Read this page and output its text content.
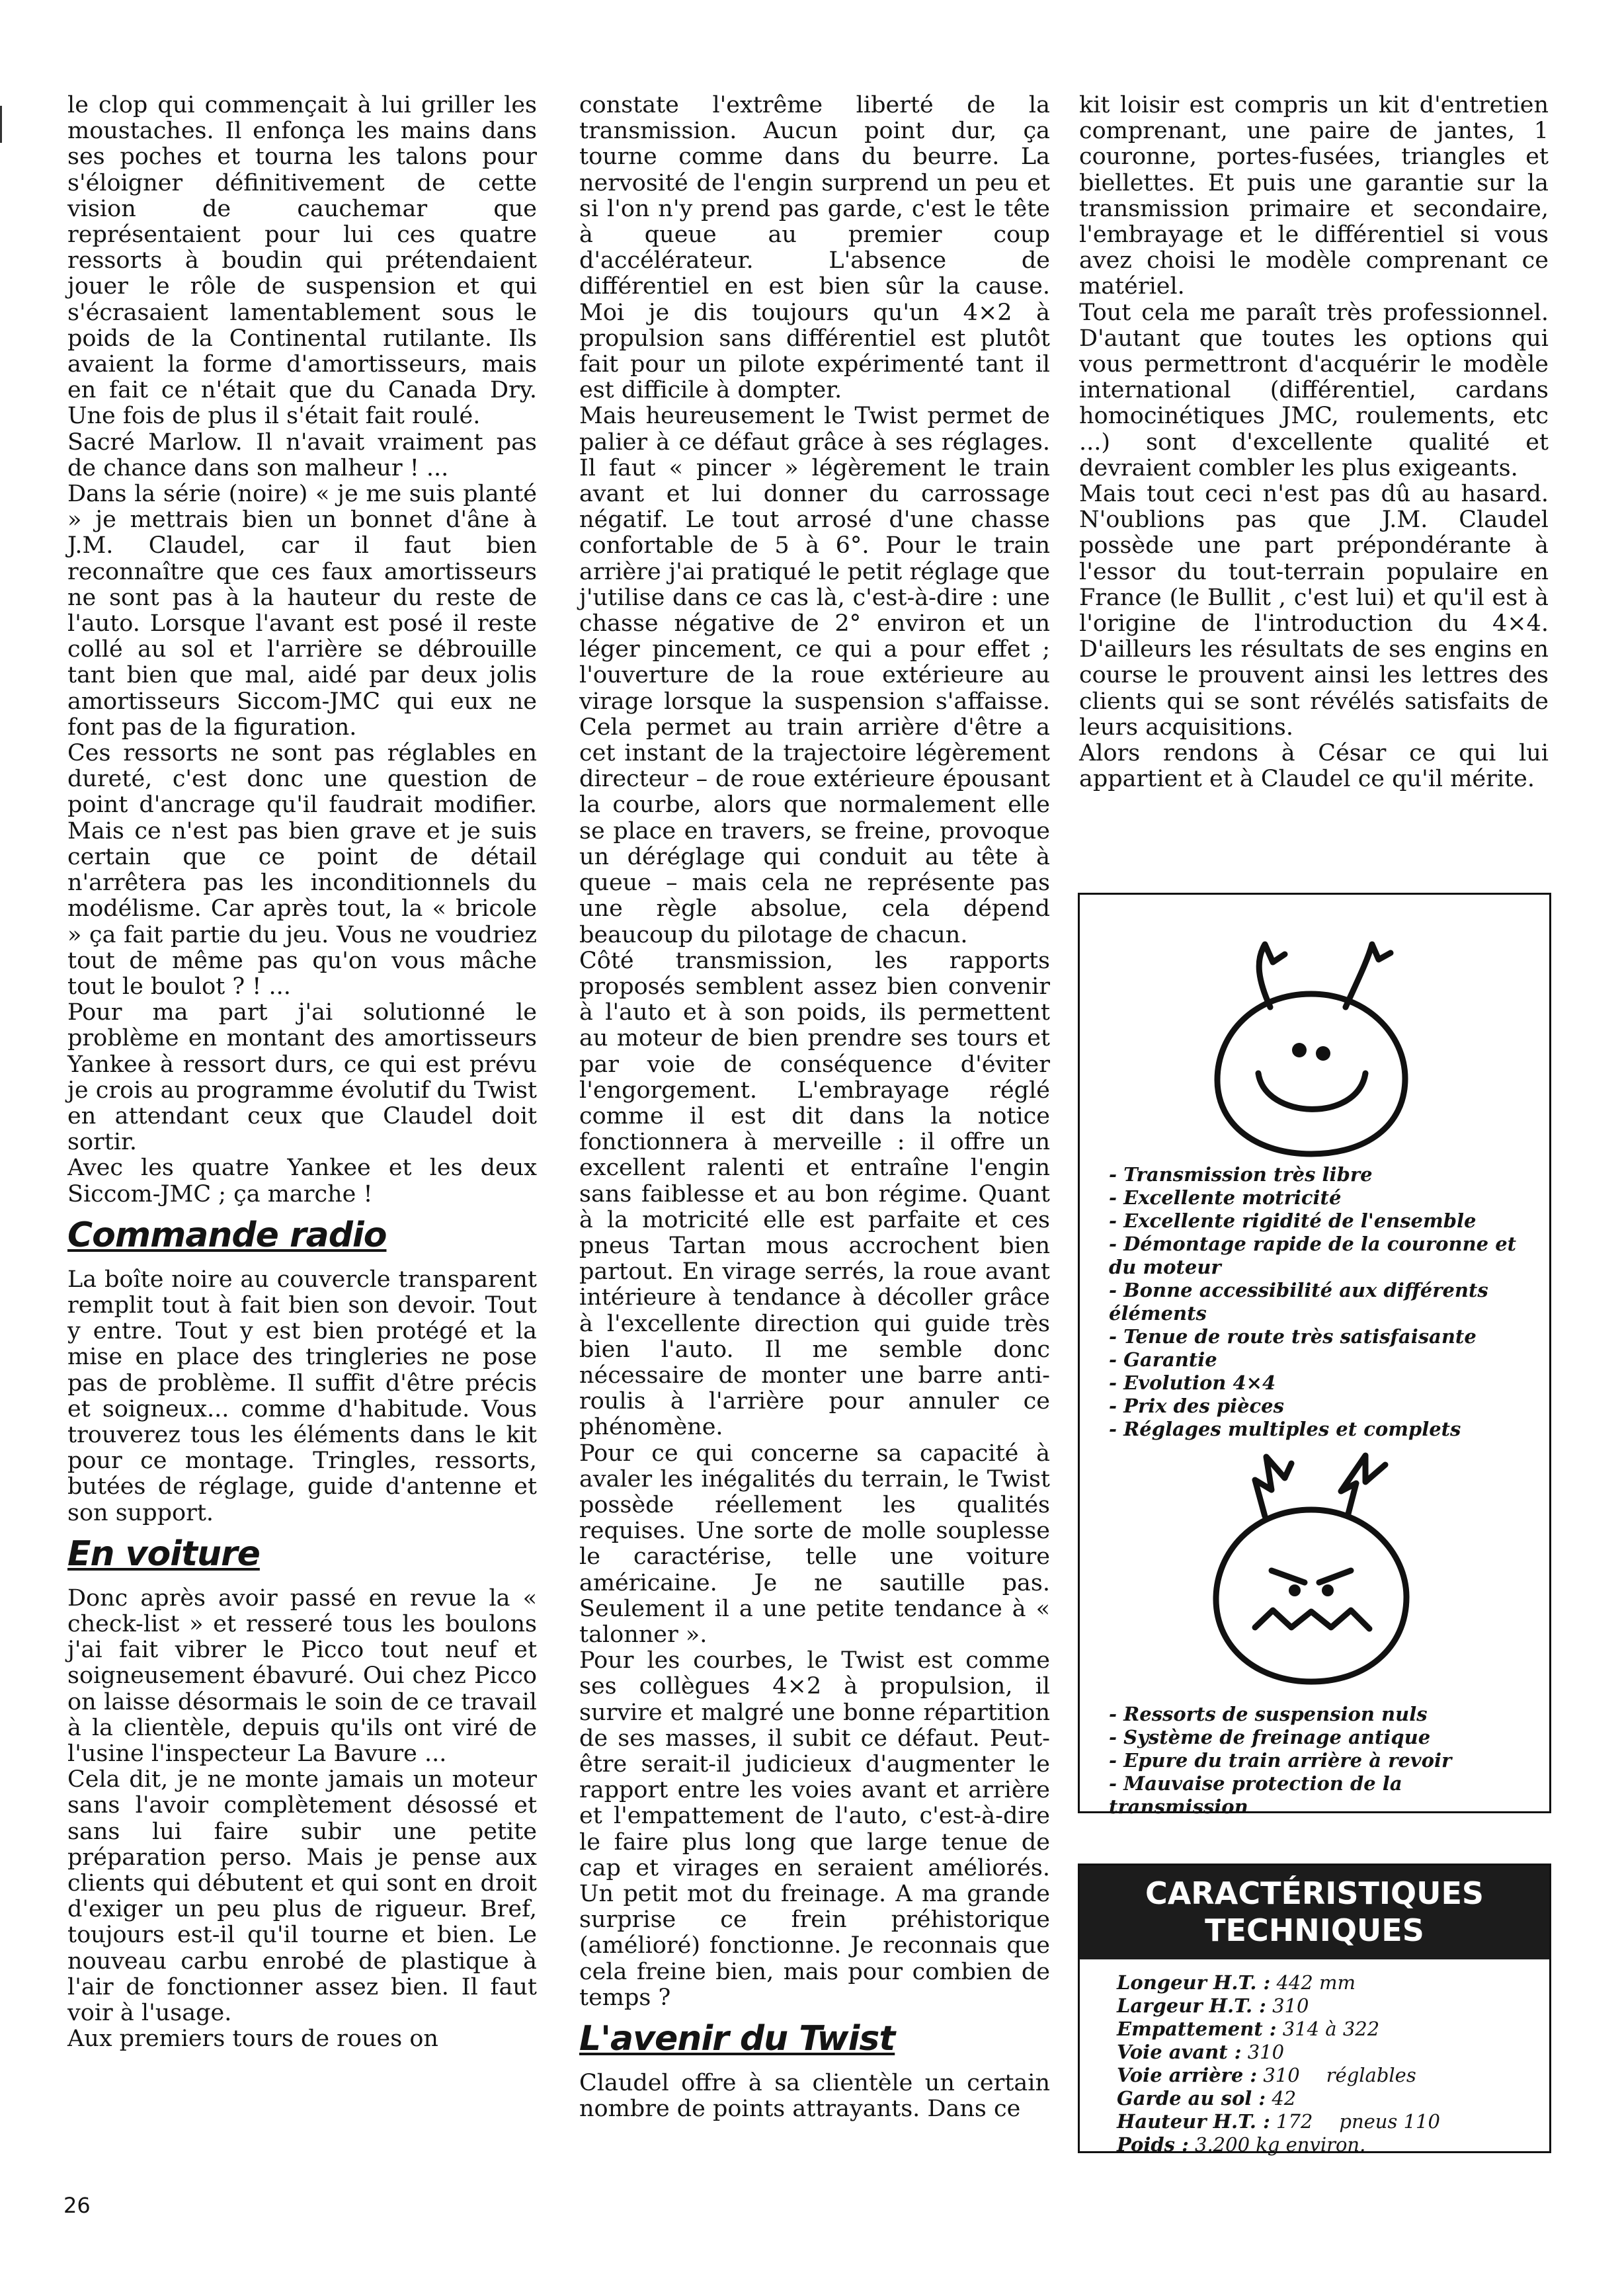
le clop qui commençait à lui griller les moustaches. Il enfonça les mains dans ses poches et tourna les talons pour s'éloigner définitivement de cette vision de cauchemar que représentaient pour lui ces quatre ressorts à boudin qui prétendaient jouer le rôle de suspension et qui s'écrasaient lamentablement sous le poids de la Continental rutilante. Ils avaient la forme d'amortisseurs, mais en fait ce n'était que du Canada Dry. Une fois de plus il s'était fait roulé.

Sacré Marlow. Il n'avait vraiment pas de chance dans son malheur ! ...

Dans la série (noire) « je me suis planté » je mettrais bien un bonnet d'âne à J.M. Claudel, car il faut bien reconnaître que ces faux amortisseurs ne sont pas à la hauteur du reste de l'auto. Lorsque l'avant est posé il reste collé au sol et l'arrière se débrouille tant bien que mal, aidé par deux jolis amortisseurs Siccom-JMC qui eux ne font pas de la figuration.

Ces ressorts ne sont pas réglables en dureté, c'est donc une question de point d'ancrage qu'il faudrait modifier. Mais ce n'est pas bien grave et je suis certain que ce point de détail n'arrêtera pas les inconditionnels du modélisme. Car après tout, la « bricole » ça fait partie du jeu. Vous ne voudriez tout de même pas qu'on vous mâche tout le boulot ? ! ...

Pour ma part j'ai solutionné le problème en montant des amortisseurs Yankee à ressort durs, ce qui est prévu je crois au programme évolutif du Twist en attendant ceux que Claudel doit sortir.

Avec les quatre Yankee et les deux Siccom-JMC ; ça marche !

Commande radio

La boîte noire au couvercle transparent remplit tout à fait bien son devoir. Tout y entre. Tout y est bien protégé et la mise en place des tringleries ne pose pas de problème. Il suffit d'être précis et soigneux... comme d'habitude. Vous trouverez tous les éléments dans le kit pour ce montage. Tringles, ressorts, butées de réglage, guide d'antenne et son support.

En voiture

Donc après avoir passé en revue la « check-list » et resseré tous les boulons j'ai fait vibrer le Picco tout neuf et soigneusement ébavuré. Oui chez Picco on laisse désormais le soin de ce travail à la clientèle, depuis qu'ils ont viré de l'usine l'inspecteur La Bavure ...

Cela dit, je ne monte jamais un moteur sans l'avoir complètement désossé et sans lui faire subir une petite préparation perso. Mais je pense aux clients qui débutent et qui sont en droit d'exiger un peu plus de rigueur. Bref, toujours est-il qu'il tourne et bien. Le nouveau carbu enrobé de plastique à l'air de fonctionner assez bien. Il faut voir à l'usage.

Aux premiers tours de roues on

constate l'extrême liberté de la transmission. Aucun point dur, ça tourne comme dans du beurre. La nervosité de l'engin surprend un peu et si l'on n'y prend pas garde, c'est le tête à queue au premier coup d'accélérateur. L'absence de différentiel en est bien sûr la cause. Moi je dis toujours qu'un 4×2 à propulsion sans différentiel est plutôt fait pour un pilote expérimenté tant il est difficile à dompter.

Mais heureusement le Twist permet de palier à ce défaut grâce à ses réglages. Il faut « pincer » légèrement le train avant et lui donner du carrossage négatif. Le tout arrosé d'une chasse confortable de 5 à 6°. Pour le train arrière j'ai pratiqué le petit réglage que j'utilise dans ce cas là, c'est-à-dire : une chasse négative de 2° environ et un léger pincement, ce qui a pour effet ; l'ouverture de la roue extérieure au virage lorsque la suspension s'affaisse. Cela permet au train arrière d'être a cet instant de la trajectoire légèrement directeur – de roue extérieure épousant la courbe, alors que normalement elle se place en travers, se freine, provoque un déréglage qui conduit au tête à queue – mais cela ne représente pas une règle absolue, cela dépend beaucoup du pilotage de chacun.

Côté transmission, les rapports proposés semblent assez bien convenir à l'auto et à son poids, ils permettent au moteur de bien prendre ses tours et par voie de conséquence d'éviter l'engorgement. L'embrayage réglé comme il est dit dans la notice fonctionnera à merveille : il offre un excellent ralenti et entraîne l'engin sans faiblesse et au bon régime. Quant à la motricité elle est parfaite et ces pneus Tartan mous accrochent bien partout. En virage serrés, la roue avant intérieure à tendance à décoller grâce à l'excellente direction qui guide très bien l'auto. Il me semble donc nécessaire de monter une barre anti-roulis à l'arrière pour annuler ce phénomène.

Pour ce qui concerne sa capacité à avaler les inégalités du terrain, le Twist possède réellement les qualités requises. Une sorte de molle souplesse le caractérise, telle une voiture américaine. Je ne sautille pas. Seulement il a une petite tendance à « talonner ».

Pour les courbes, le Twist est comme ses collègues 4×2 à propulsion, il survire et malgré une bonne répartition de ses masses, il subit ce défaut. Peut-être serait-il judicieux d'augmenter le rapport entre les voies avant et arrière et l'empattement de l'auto, c'est-à-dire le faire plus long que large tenue de cap et virages en seraient améliorés. Un petit mot du freinage. A ma grande surprise ce frein préhistorique (amélioré) fonctionne. Je reconnais que cela freine bien, mais pour combien de temps ?

L'avenir du Twist

Claudel offre à sa clientèle un certain nombre de points attrayants. Dans ce

kit loisir est compris un kit d'entretien comprenant, une paire de jantes, 1 couronne, portes-fusées, triangles et biellettes. Et puis une garantie sur la transmission primaire et secondaire, l'embrayage et le différentiel si vous avez choisi le modèle comprenant ce matériel.

Tout cela me paraît très professionnel. D'autant que toutes les options qui vous permettront d'acquérir le modèle international (différentiel, cardans homocinétiques JMC, roulements, etc ...) sont d'excellente qualité et devraient combler les plus exigeants.

Mais tout ceci n'est pas dû au hasard. N'oublions pas que J.M. Claudel possède une part prépondérante à l'essor du tout-terrain populaire en France (le Bullit , c'est lui) et qu'il est à l'origine de l'introduction du 4×4. D'ailleurs les résultats de ses engins en course le prouvent ainsi les lettres des clients qui se sont révélés satisfaits de leurs acquisitions.

Alors rendons à César ce qui lui appartient et à Claudel ce qu'il mérite.

- Transmission très libre
- Excellente motricité
- Excellente rigidité de l'ensemble
- Démontage rapide de la couronne et du moteur
- Bonne accessibilité aux différents éléments
- Tenue de route très satisfaisante
- Garantie
- Evolution 4×4
- Prix des pièces
- Réglages multiples et complets
- Ressorts de suspension nuls
- Système de freinage antique
- Epure du train arrière à revoir
- Mauvaise protection de la transmission
CARACTÉRISTIQUES
TECHNIQUES
Longeur H.T. : 442 mm
Largeur H.T. : 310
Empattement : 314 à 322
Voie avant : 310
Voie arrière : 310 réglables
Garde au sol : 42
Hauteur H.T. : 172 pneus 110
Poids : 3.200 kg environ.
26
